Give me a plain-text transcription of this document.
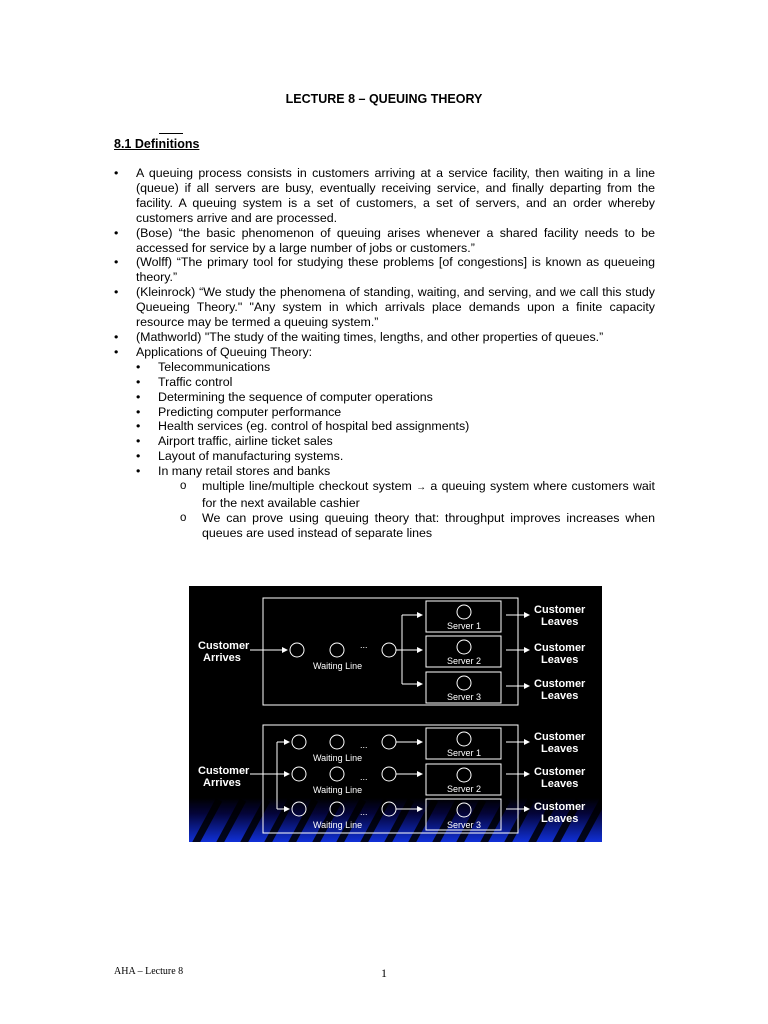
LECTURE 8 – QUEUING THEORY
8.1 Definitions
• A queuing process consists in customers arriving at a service facility, then waiting in a line (queue) if all servers are busy, eventually receiving service, and finally departing from the facility. A queuing system is a set of customers, a set of servers, and an order whereby customers arrive and are processed.
• (Bose) “the basic phenomenon of queuing arises whenever a shared facility needs to be accessed for service by a large number of jobs or customers.”
• (Wolff) “The primary tool for studying these problems [of congestions] is known as queueing theory.”
• (Kleinrock) “We study the phenomena of standing, waiting, and serving, and we call this study Queueing Theory." "Any system in which arrivals place demands upon a finite capacity resource may be termed a queuing system.”
• (Mathworld) "The study of the waiting times, lengths, and other properties of queues.”
• Applications of Queuing Theory:
• Telecommunications
• Traffic control
• Determining the sequence of computer operations
• Predicting computer performance
• Health services (eg. control of hospital bed assignments)
• Airport traffic, airline ticket sales
• Layout of manufacturing systems.
• In many retail stores and banks
o multiple line/multiple checkout system → a queuing system where customers wait for the next available cashier
o We can prove using queuing theory that: throughput improves increases when queues are used instead of separate lines
Customer
Arrives
...
Waiting Line
Server 1
Server 2
Server 3
Customer
Leaves
Customer
Leaves
Customer
Leaves
Customer
Arrives
...
Waiting Line
...
Waiting Line
...
Waiting Line
Server 1
Server 2
Server 3
Customer
Leaves
Customer
Leaves
Customer
Leaves
AHA – Lecture 8	1
